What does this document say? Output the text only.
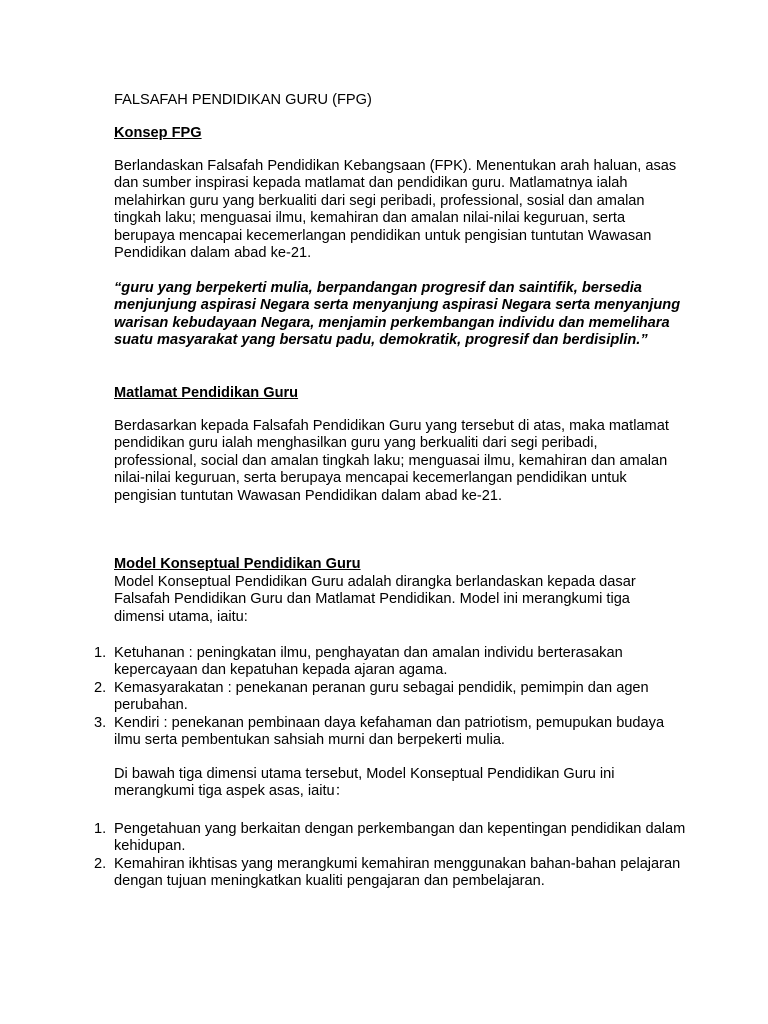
FALSAFAH PENDIDIKAN GURU (FPG)
Konsep FPG
Berlandaskan Falsafah Pendidikan Kebangsaan (FPK). Menentukan arah haluan, asas dan sumber inspirasi kepada matlamat dan pendidikan guru. Matlamatnya ialah melahirkan guru yang berkualiti dari segi peribadi, professional, sosial dan amalan tingkah laku; menguasai ilmu, kemahiran dan amalan nilai-nilai keguruan, serta berupaya mencapai kecemerlangan pendidikan untuk pengisian tuntutan Wawasan Pendidikan dalam abad ke-21.
“guru yang berpekerti mulia, berpandangan progresif dan saintifik, bersedia menjunjung aspirasi Negara serta menyanjung aspirasi Negara serta menyanjung warisan kebudayaan Negara, menjamin perkembangan individu dan memelihara suatu masyarakat yang bersatu padu, demokratik, progresif dan berdisiplin.”
Matlamat Pendidikan Guru
Berdasarkan kepada Falsafah Pendidikan Guru yang tersebut di atas, maka matlamat pendidikan guru ialah menghasilkan guru yang berkualiti dari segi peribadi, professional, social dan amalan tingkah laku; menguasai ilmu, kemahiran dan amalan nilai-nilai keguruan, serta berupaya mencapai kecemerlangan pendidikan untuk pengisian tuntutan Wawasan Pendidikan dalam abad ke-21.
Model Konseptual Pendidikan Guru
Model Konseptual Pendidikan Guru adalah dirangka berlandaskan kepada dasar Falsafah Pendidikan Guru dan Matlamat Pendidikan. Model ini merangkumi tiga dimensi utama, iaitu:
1. Ketuhanan : peningkatan ilmu, penghayatan dan amalan individu berterasakan kepercayaan dan kepatuhan kepada ajaran agama.
2. Kemasyarakatan : penekanan peranan guru sebagai pendidik, pemimpin dan agen perubahan.
3. Kendiri : penekanan pembinaan daya kefahaman dan patriotism, pemupukan budaya ilmu serta pembentukan sahsiah murni dan berpekerti mulia.
Di bawah tiga dimensi utama tersebut, Model Konseptual Pendidikan Guru ini merangkumi tiga aspek asas, iaitu：
1. Pengetahuan yang berkaitan dengan perkembangan dan kepentingan pendidikan dalam kehidupan.
2. Kemahiran ikhtisas yang merangkumi kemahiran menggunakan bahan-bahan pelajaran dengan tujuan meningkatkan kualiti pengajaran dan pembelajaran.
